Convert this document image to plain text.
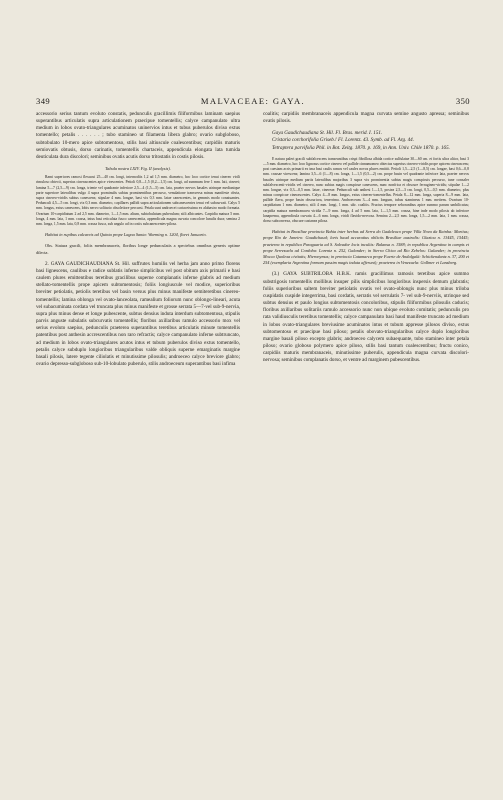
349	MALVACEAE: GAYA.	350

accessorio serius tantum evoluto constatis, pedunculis gracillimis filiformibus laminam saepius superantibus articulatis supra articulationem praecipue tomentellis; calyce campanulato ultra medium in lobos ovato-triangulares acuminatos uninervios intus et tubus puberulos diviso extus tomentello; petalis . . . . . . ; tubo stamineo ut filamenta libera glabro; ovario subgloboso, subtobulato 10-mero apice subtomentoso, stilis basi altiuscule coalescentibus; carpidiis maturis semiovatis obtusis, dorso carinatis, tomentellis chartaceis, appendicula elongata lata tumida deuticulata dura discolori; seminibus ovatis acutis dorso tritostatis in costis pilosis.

Tabula nostra LXIV. Fig. II (analysis).

Rami superiores ramosi flexuosi 25—40 cm. longi, internodiis 1,2 ad 1,5 mm. diametro, hoc loco cortice tenui cinereo virili rimuloso obtecti, superius cinerascentes apice virescentes. Petioli 0,8—1,5 (0,2—1,5) cm. longi, ad summum fere 1 mm. lati, cinerei; lamina 5—7 (2,5—9) cm. longa, triente vel quadrante inferiore 2,5—4 (1,5—5) cm. lata, praeter nervos basales utrinque medianique parte superiore lateralibus vulgo 4 supra prominulis subtus prominentibus percurso, venulatione transversa minus manifeste obvia, supra cinereo-viridis subtus canescens; stipulae 4 mm. longae, basi vix 0,3 mm. latae canescentes, in gemmis modo conatuantes. Pedunculi 4,5—5 cm. longi, vix 0,3 mm. diametro, capillares pallidi supra articulationem subcanescentes tenui vel subcurvati. Calyx 5 mm. longus, extus canescens, lobis nervo solitario obsoletiore percursi. Petala sunt androecei cartaceissima ex alabastro modo formata. Ovarium 10-carpidiatum 2 ad 2,5 mm. diametro, 1—1,5 mm. altum, subtobulatum puberulum; stili albicantes. Carpidia matura 5 mm. longa, 4 mm. lata, 1 mm. crassa, intus basi reticulata fusco canescentia, appendicula magna curvata concolore lunulis dura; semina 2 mm. longa, 1,5 mm. lata, 0,8 mm. crassa fusca, sub angulo ad in costis subcanescentes-pilosa.

Habitat in rupibus calcareis ad Quinta prope Lagoa Santa: Warming n. 1204, floret Januario.

Obs. Statura gracili, foliis membranaceis, floribus longe pedunculatis a speciebus omnibus generis optime dilecta.

2. GAYA GAUDICHAUDIANA St. Hil. suffrutex humilis vel herba jam anno primo florens basi lignescens, caulibus e radice sublatis inferne simplicibus vel post obitum axis primarii e basi caulem plures emittentibus teretibus gracilibus superne complanatis inferne glabris ad medium stellato-tomentellis prope apicem subtomentosis; foliis longiuscule vel modice, superioribus breviter petiolatis, petiolis teretibus vel basin versus plus minus manifeste semiteretibus cinereo-tomentellis; lamina oblonga vel ovato-lanceolata, ramealium foliorum nunc oblongo-lineari, acuta vel subacuminata cordata vel truncata plus minus manifeste et grosse serrata 5—7-vel sub-9-nervia, supra plus minus dense et longe pubescente, subtus densius induta interdum subtomentosa, stipulis parvis anguste subulatis subcurvatis tomentellis; floribus axillaribus ramulo accessorio mox vel serius evoluto saepius, pedunculis praeterea superantibus teretibus articulatis minute tomentellis patentibus post anthesin accrescentibus non raro refractis; calyce campanulato inferne subtruncato, ad medium in lobos ovato-triangulares acutos intus et tubum puberulos diviso extus tomentello, petalis calyce subduplo longioribus triangularibus valde obliquis superne emarginatis margine basali pilosis, latere tegente ciliolatis et minutissime pilosulis; androeceo calyce breviore glabro; ovario depresso-subgloboso sub-10-lobulato puberulo, stilis androeceum superantibus basi infima

coalitis; carpidiis membranaceis appendicula magna curvata semine angusto apressa; seminibus ovatis pilosis.

Gaya Gaudichaudiana St. Hil. Fl. Bras. merid. I. 151.

Cristaria corchorifolia Griseb.! Fl. Lorentz. 43. Symb. ad Fl. Arg. 44.

Tetraptera parvifolia Phil. in Bot. Zeitg. 1870. p. 169, in Ann. Univ. Chile 1870. p. 165.

E natura paleri gracili subfalcescens transeuntibus crispi fibrillosa albida cortice sulfulatae 30—60 cm. et fortis ultra altior, basi 3—5 mm. diametro, hoc loco lignosus cortice cinereo vel pallide cinnamomeo obtectus superius cinereo-viridis prope apicem cinerascens; post caesiam acris primarii ex ima basi caulis ramos vel caules novos plures emittit. Petioli 1,5—2,5 (1—8,5) cm. longae, basi 0,6—0,8 mm. crassae virescens; lamina 3,5—6 (1—8) cm. longa, 1—1,5 (0,5—2) cm. prope basin vel quadrante inferiore lata, praeter nervos basales utrinque medium partis lateralibus majoribus 3 supra vix prominentia subtus magis conspicuis percurso, tune consaler subfalvescenti-viridis vel cinereo, nunc subtus magis conspicue canescens, nunc nonfrica et obscure ferrugineo-viridis; stipulae 1—2 mm. longae, vix 0,3—0,5 mm. latae, cinereae. Pedunculi sub anthesi 1—1,5, postea 2,5—3 cm. longi, 0,5—0,5 mm. diametro, plus minus conspicue cinerascentes. Calyx 4—8 mm. longus, extus cinereo-tomentellus. Petala 8—12 mm. longa, superia 8—9 mm. lata, pallide flava, prope basin obscuriora, tenerrima. Androeceum 3—4 mm. longum, tubus stamineus 1 mm. metiens. Ovarium 10-carpidiatum 1 mm. diametro, stili 4 mm. longi, 1 mm. ultr. coalitis. Fructus tempore seboranibus apice summo parum umbilicatus; carpidia matura membranacea viridia 7—9 mm. longa, 4 ad 5 mm. lata, 1—1,5 mm. crassa, hine inde modo pilosis ab inferiore lanaprema, appendicula curvata 4—6 mm. longa, viridi flavido-nervosa. Semina 2—2,5 mm. longa, 1,5—2 mm. lata, 1 mm. crassa, dorso subconvexa, obscure castanea pilosa.

Habitat in Brasiliae provincia Bahia inter herbas ad Serra do Gadaleuco prope Villa Nova da Rainha: Martius; prope Rio de Janeiro: Gaudichaud; loris haud accuratius oblictis Brasiliae australis: Glaziou n. 13445, 15445; praeterea in republica Paraguaria ad S. Salvador locis incultis: Balansa n. 1588; in republica Argentina in campis et prope Serrezuela ad Cordoba: Lorentz n. 252, Galander; in Sierra Chica ad Rio Zebelos: Galander; in provincia Mocca Quolexa civitatis; Hieronymus; in provincia Catamarca prope Fuerte de Andalgalá: Schickendantz n. 37, 200 et 254 (exemplaria Argentina formam passim magis induta afferunt); praeterea in Venezuela: Gollmer et Lansberg.

(3.) GAYA SUBTRILOBA H.B.K. ramis gracillimus ramosis teretibus apice summo substrigosis tomentellis mollibus insuper pilis simplicibus longioribus inspersis demum glabratis; foliis superioribus saltem breviter petiolatis ovatis vel ovato-oblongis nunc plus minus triloba cuspidatis cuspide integerrima, basi cordatis, serratis vel serrulatis 7- vel sub-9-nerviis, utrinque sed subtus densius et paulo longius subtomentosis concoloribus, stipulis filiformibus pilosulis caducis; floribus axillaribus solitariis ramulo accessorio nunc non ubique evoluto comitatis; pedunculis pro rata validiusculis teretibus tomentellis; calyce campanulato basi haud manifeste truncato ad medium in lobos ovato-triangulares breviusime acuminatos intus et tubum appresse pilosos diviso, extus subtomentoso et praecipue basi piloso; petalis obovato-triangularibus calyce duplo longioribus margine basali piloso excepto glabris; androeceo calycem subaequante, tubo stamineo inter petala piloso; ovario globoso polymero apice piloso, stilis basi tantum coalescentibus; fructu conico, carpidiis maturis membranaceis, minutissime puberulis, appendicula magna curvata discolori-nervosa; seminibus complanatis dorso, et ventre ad marginem pubescentibus.
